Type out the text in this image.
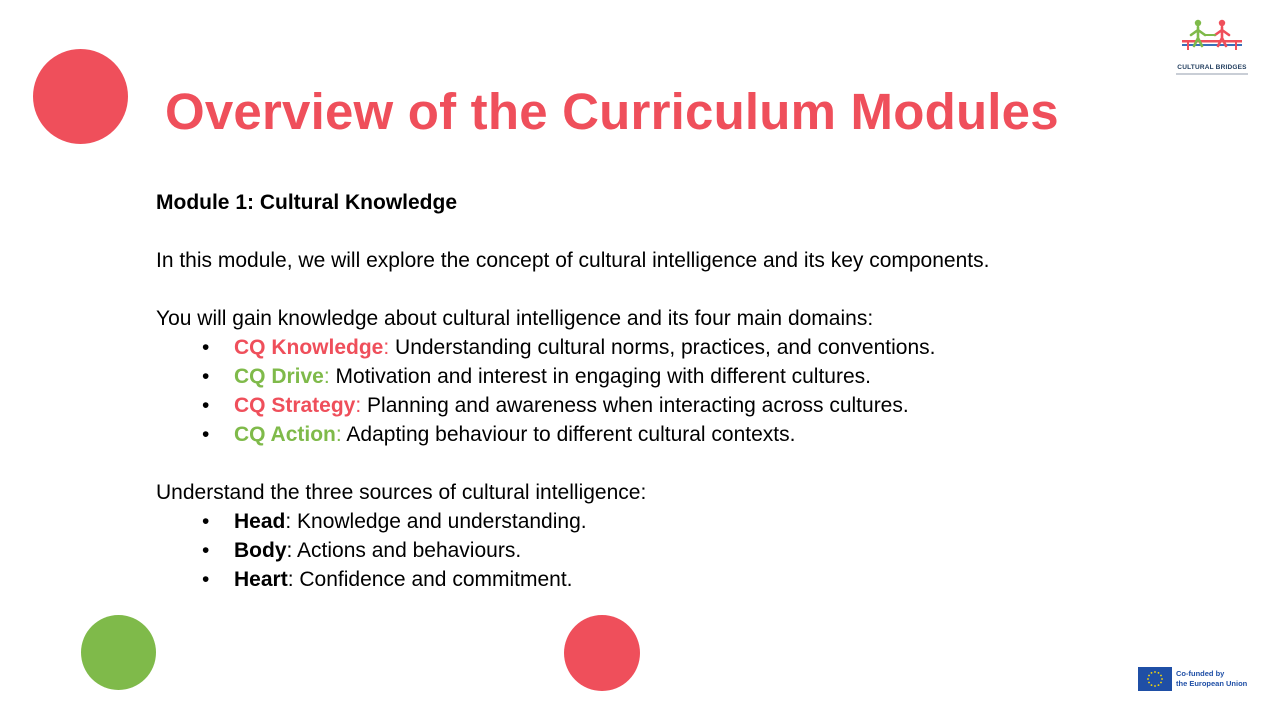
CULTURAL BRIDGES
Overview of the Curriculum Modules

Module 1: Cultural Knowledge

In this module, we will explore the concept of cultural intelligence and its key components.

You will gain knowledge about cultural intelligence and its four main domains:

• CQ Knowledge: Understanding cultural norms, practices, and conventions.
• CQ Drive: Motivation and interest in engaging with different cultures.
• CQ Strategy: Planning and awareness when interacting across cultures.
• CQ Action: Adapting behaviour to different cultural contexts.

Understand the three sources of cultural intelligence:

• Head: Knowledge and understanding.
• Body: Actions and behaviours.
• Heart: Confidence and commitment.
Co-funded by
the European Union
